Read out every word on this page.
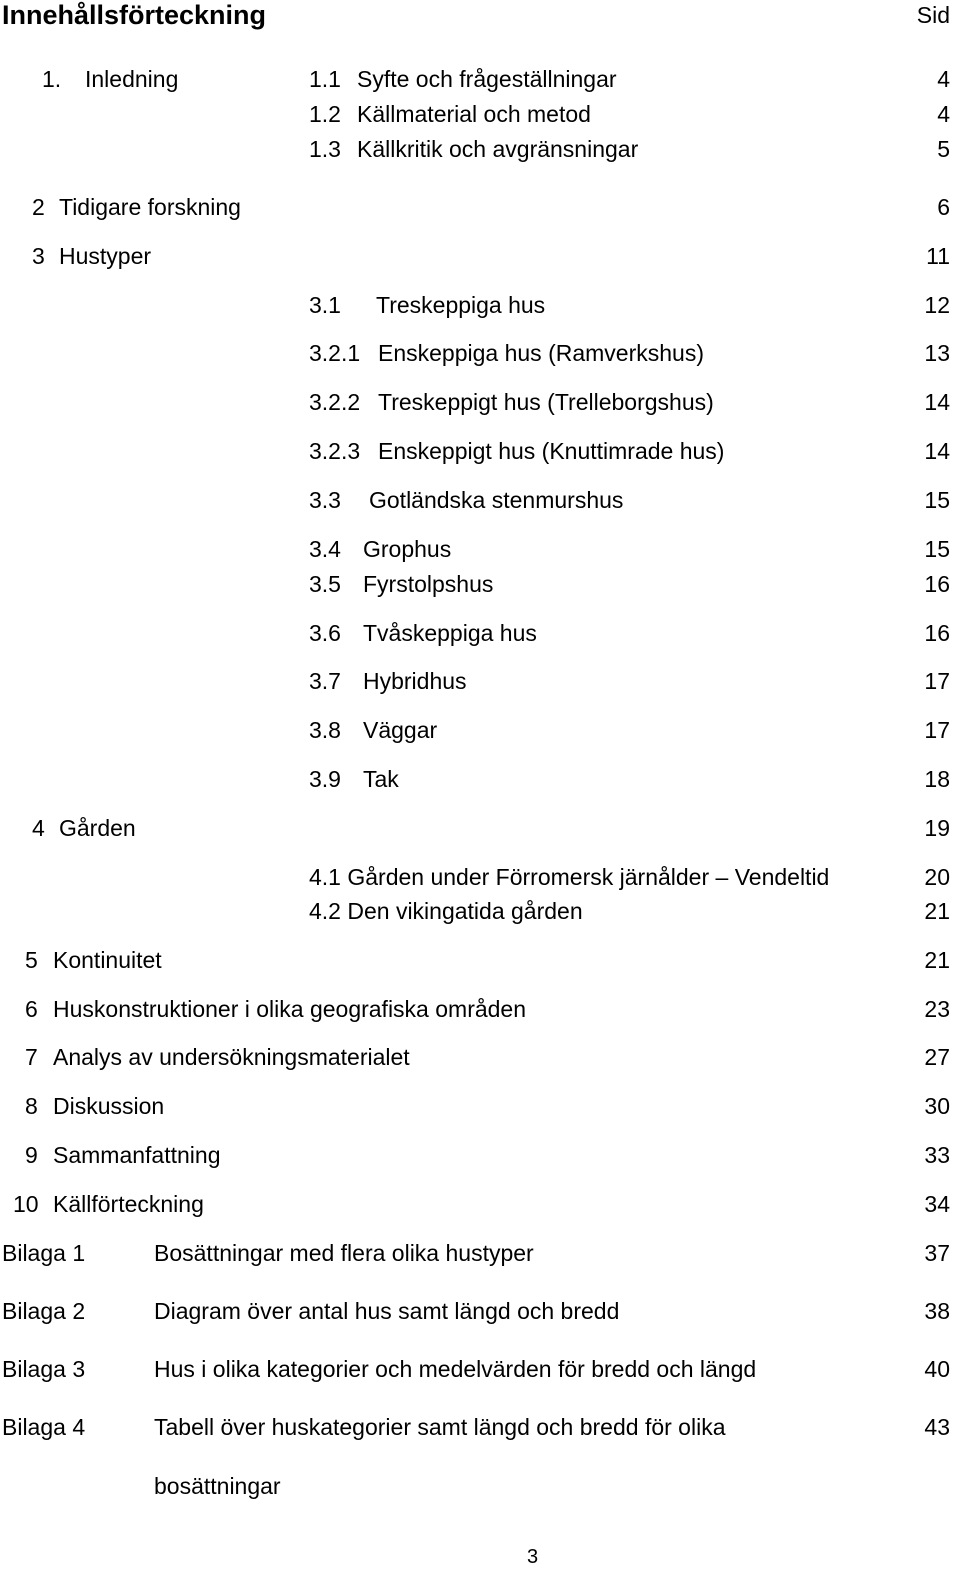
Innehållsförteckning	Sid
1. Inledning	1.1 Syfte och frågeställningar	4
1.2 Källmaterial och metod	4
1.3 Källkritik och avgränsningar	5
2 Tidigare forskning	6
3 Hustyper	11
3.1 Treskeppiga hus	12
3.2.1 Enskeppiga hus (Ramverkshus)	13
3.2.2 Treskeppigt hus (Trelleborgshus)	14
3.2.3 Enskeppigt hus (Knuttimrade hus)	14
3.3 Gotländska stenmurshus	15
3.4 Grophus	15
3.5 Fyrstolpshus	16
3.6 Tvåskeppiga hus	16
3.7 Hybridhus	17
3.8 Väggar	17
3.9 Tak	18
4 Gården	19
4.1 Gården under Förromersk järnålder – Vendeltid	20
4.2 Den vikingatida gården	21
5 Kontinuitet	21
6 Huskonstruktioner i olika geografiska områden	23
7 Analys av undersökningsmaterialet	27
8 Diskussion	30
9 Sammanfattning	33
10 Källförteckning	34
Bilaga 1	Bosättningar med flera olika hustyper	37
Bilaga 2	Diagram över antal hus samt längd och bredd	38
Bilaga 3	Hus i olika kategorier och medelvärden för bredd och längd	40
Bilaga 4	Tabell över huskategorier samt längd och bredd för olika	43
bosättningar
3
